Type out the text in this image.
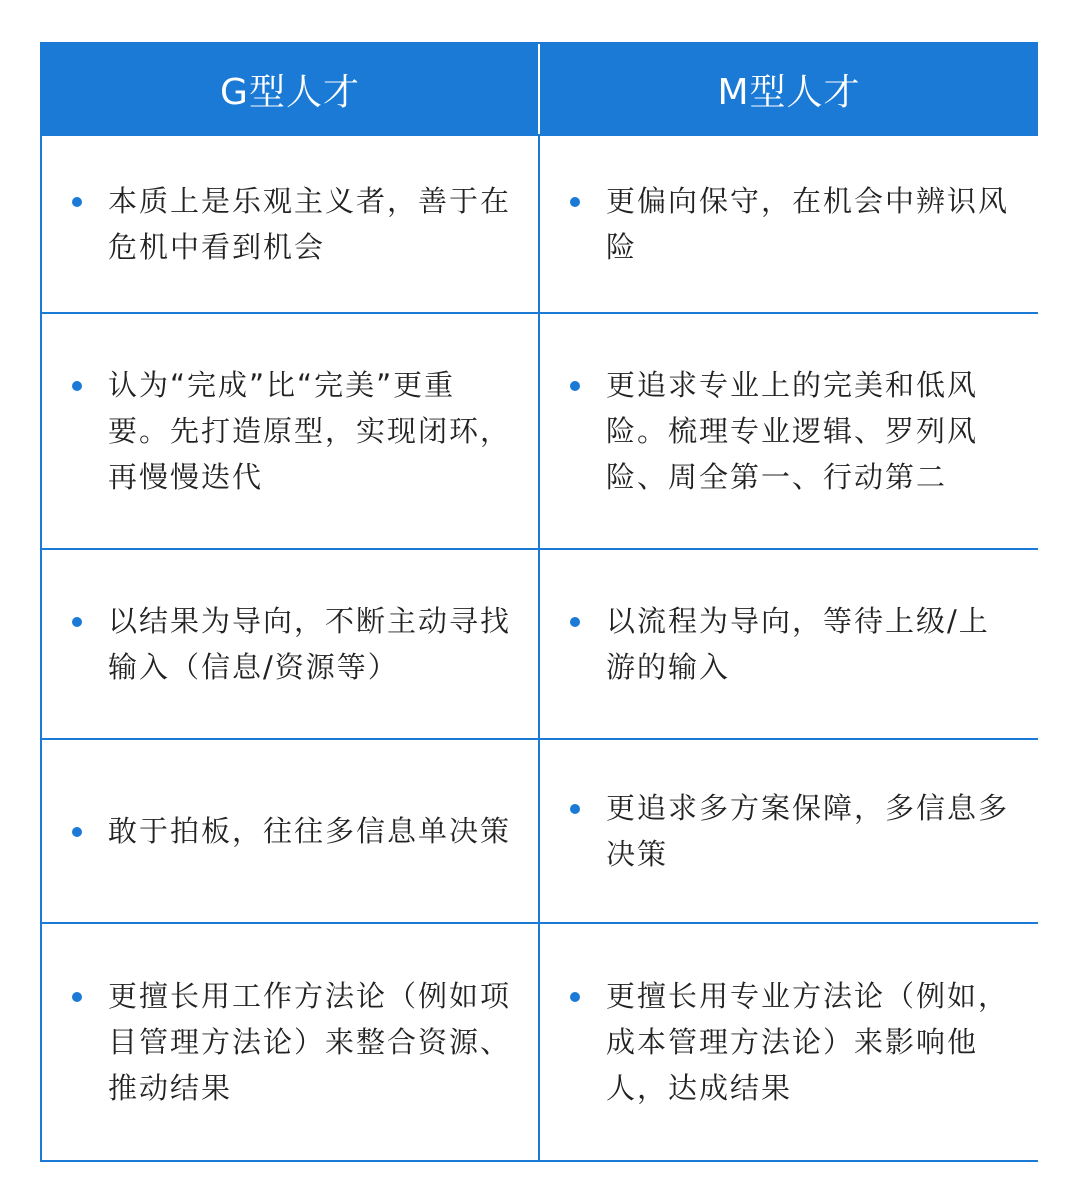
G型人才	M型人才
本质上是乐观主义者，善于在危机中看到机会
更偏向保守，在机会中辨识风险
认为“完成”比“完美”更重要。先打造原型，实现闭环，再慢慢迭代
更追求专业上的完美和低风险。梳理专业逻辑、罗列风险、周全第一、行动第二
以结果为导向，不断主动寻找输入（信息/资源等）
以流程为导向，等待上级/上游的输入
敢于拍板，往往多信息单决策
更追求多方案保障，多信息多决策
更擅长用工作方法论（例如项目管理方法论）来整合资源、推动结果
更擅长用专业方法论（例如，成本管理方法论）来影响他人，达成结果
